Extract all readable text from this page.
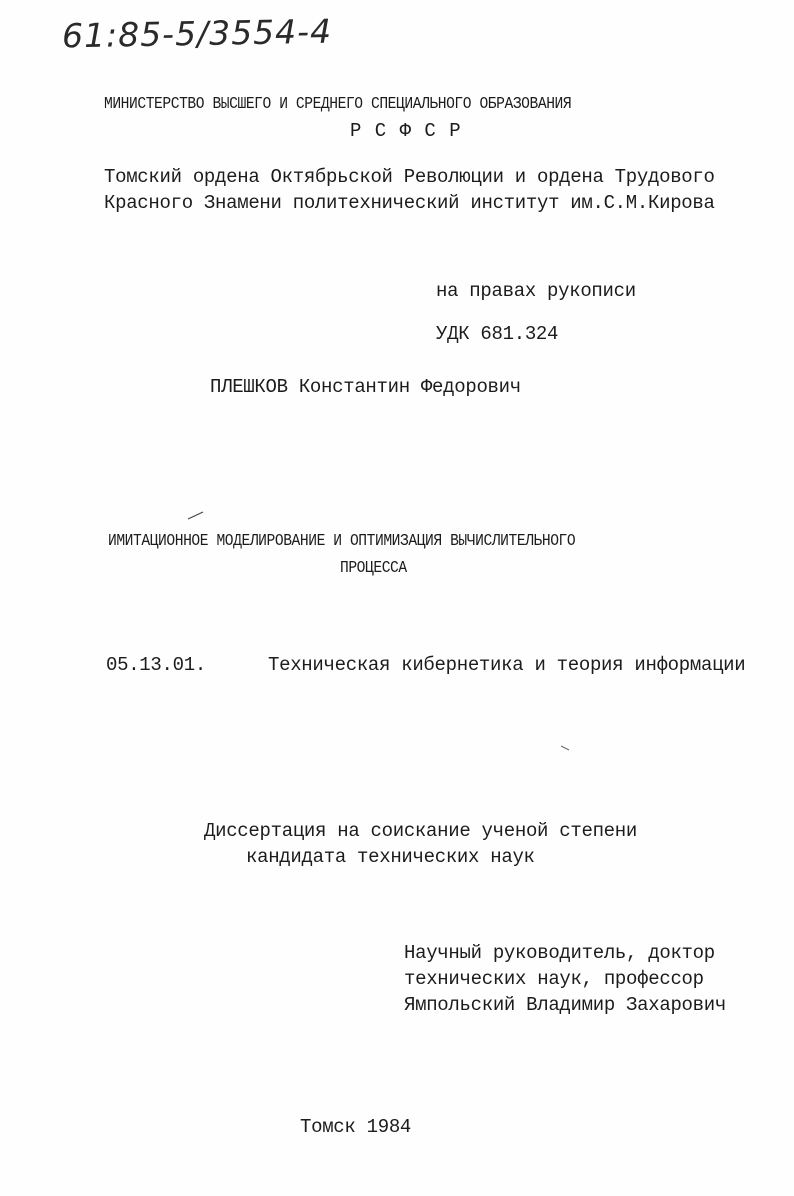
61:85-5/3554-4
МИНИСТЕРСТВО ВЫСШЕГО И СРЕДНЕГО СПЕЦИАЛЬНОГО ОБРАЗОВАНИЯ
Р С Ф С Р
Томский ордена Октябрьской Революции и ордена Трудового
Красного Знамени политехнический институт им.С.М.Кирова
на правах рукописи
УДК 681.324
ПЛЕШКОВ Константин Федорович
ИМИТАЦИОННОЕ МОДЕЛИРОВАНИЕ И ОПТИМИЗАЦИЯ ВЫЧИСЛИТЕЛЬНОГО
ПРОЦЕССА
05.13.01.	Техническая кибернетика и теория информации
Диссертация на соискание ученой степени
кандидата технических наук
Научный руководитель, доктор
технических наук, профессор
Ямпольский Владимир Захарович
Томск 1984
